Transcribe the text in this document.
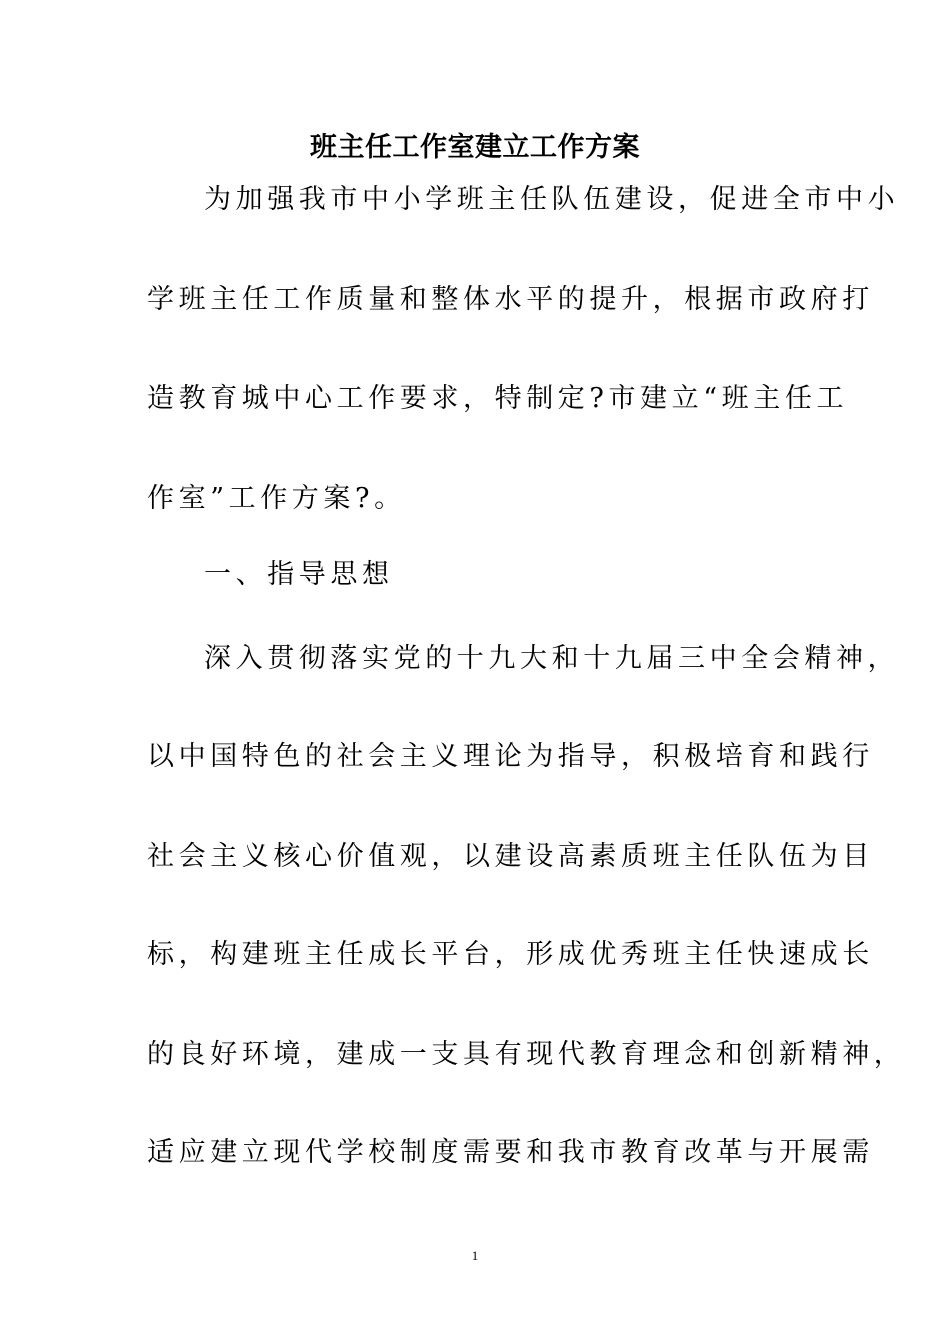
班主任工作室建立工作方案
为加强我市中小学班主任队伍建设，促进全市中小
学班主任工作质量和整体水平的提升，根据市政府打
造教育城中心工作要求，特制定?市建立“班主任工
作室”工作方案?。
一、指导思想
深入贯彻落实党的十九大和十九届三中全会精神，
以中国特色的社会主义理论为指导，积极培育和践行
社会主义核心价值观，以建设高素质班主任队伍为目
标，构建班主任成长平台，形成优秀班主任快速成长
的良好环境，建成一支具有现代教育理念和创新精神，
适应建立现代学校制度需要和我市教育改革与开展需
1
